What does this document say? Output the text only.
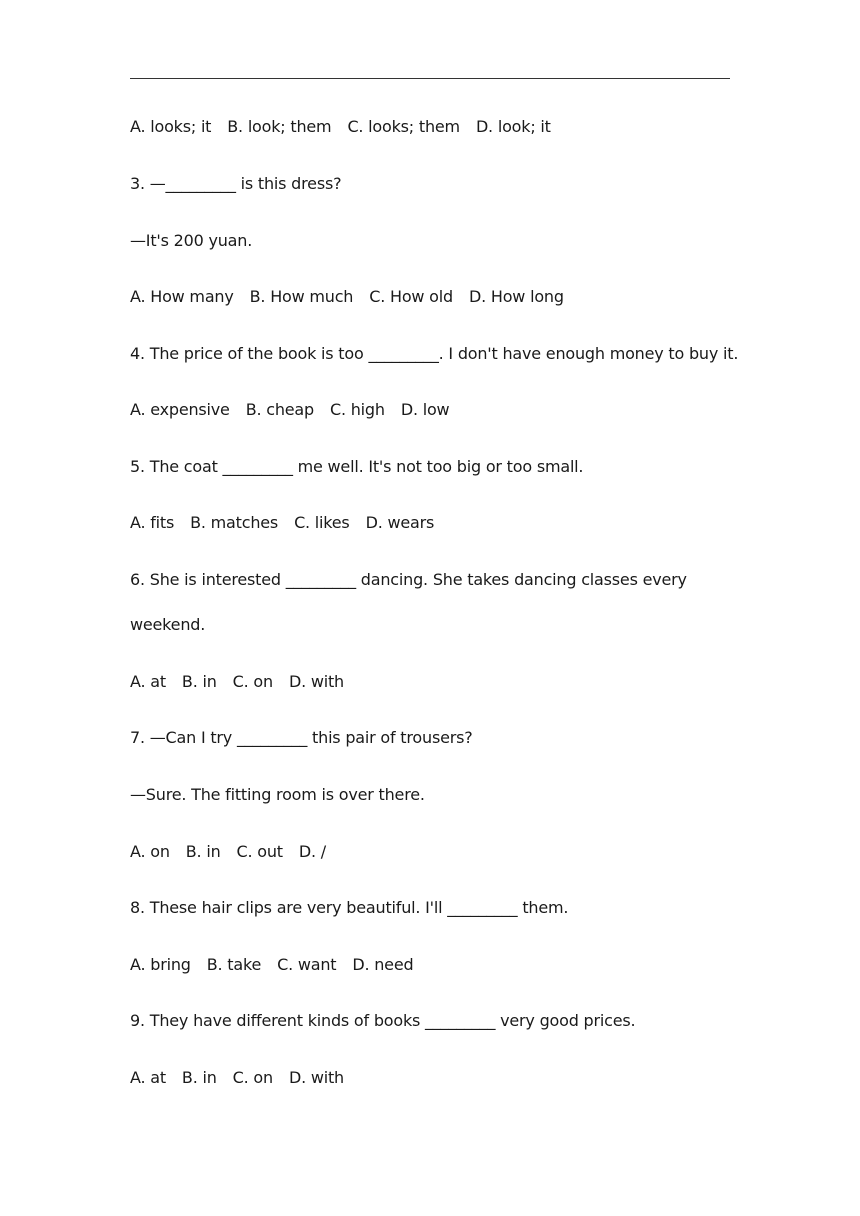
A. looks; it B. look; them C. looks; them D. look; it
3. —_________ is this dress?
—It's 200 yuan.
A. How many B. How much C. How old D. How long
4. The price of the book is too _________. I don't have enough money to buy it.
A. expensive B. cheap C. high D. low
5. The coat _________ me well. It's not too big or too small.
A. fits B. matches C. likes D. wears
6. She is interested _________ dancing. She takes dancing classes every
weekend.
A. at B. in C. on D. with
7. —Can I try _________ this pair of trousers?
—Sure. The fitting room is over there.
A. on B. in C. out D. /
8. These hair clips are very beautiful. I'll _________ them.
A. bring B. take C. want D. need
9. They have different kinds of books _________ very good prices.
A. at B. in C. on D. with
